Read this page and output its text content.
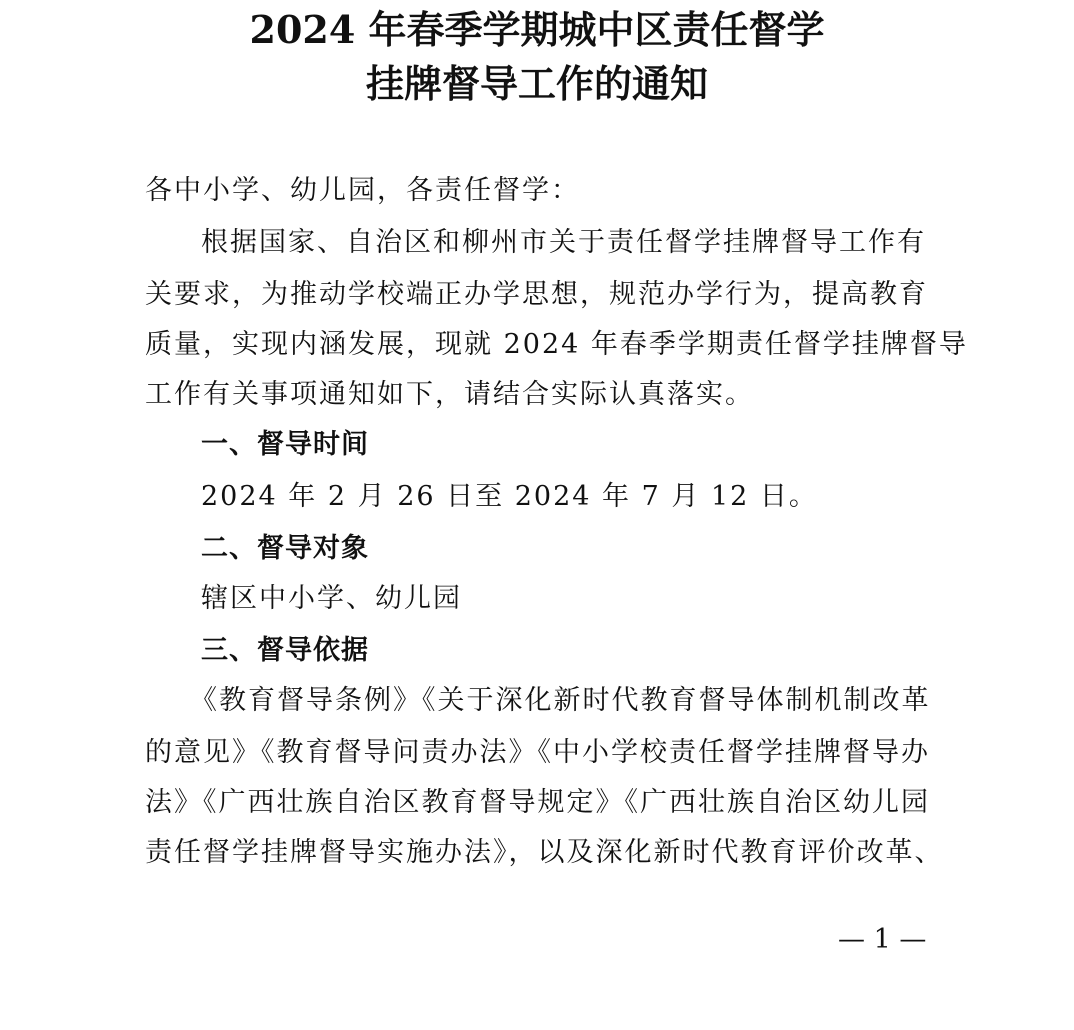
2024 年春季学期城中区责任督学
挂牌督导工作的通知
各中小学、幼儿园，各责任督学：
根据国家、自治区和柳州市关于责任督学挂牌督导工作有
关要求，为推动学校端正办学思想，规范办学行为，提高教育
质量，实现内涵发展，现就 2024 年春季学期责任督学挂牌督导
工作有关事项通知如下，请结合实际认真落实。
一、督导时间
2024 年 2 月 26 日至 2024 年 7 月 12 日。
二、督导对象
辖区中小学、幼儿园
三、督导依据
《教育督导条例》《关于深化新时代教育督导体制机制改革
的意见》《教育督导问责办法》《中小学校责任督学挂牌督导办
法》《广西壮族自治区教育督导规定》《广西壮族自治区幼儿园
责任督学挂牌督导实施办法》，以及深化新时代教育评价改革、
— 1 —
